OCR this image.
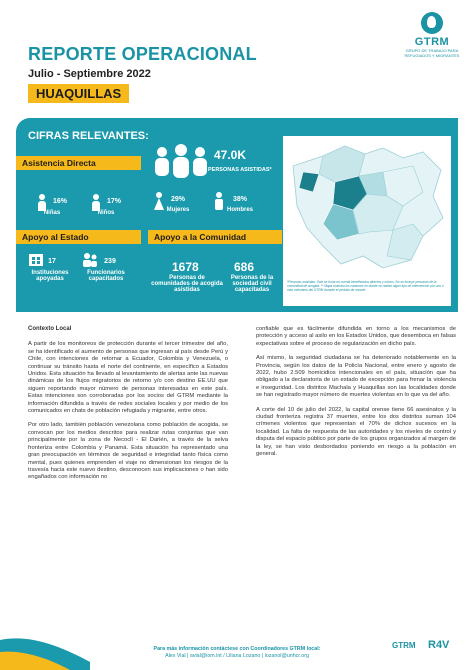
REPORTE OPERACIONAL
Julio - Septiembre 2022
HUAQUILLAS
GTRM
GRUPO DE TRABAJO PARA REFUGIADOS Y MIGRANTES
CIFRAS RELEVANTES:
Asistencia Directa
16%
Niñas
17%
Niños
47.0K
PERSONAS ASISTIDAS*
29%
Mujeres
38%
Hombres
Apoyo al Estado
17
Instituciones apoyadas
239
Funcionarios capacitados
Apoyo a la Comunidad
1678
Personas de comunidades de acogida asistidas
686
Personas de la sociedad civil capacitadas
*Personas asistidas: Solo se toma en cuenta beneficiarios directos y únicos. No se incluye personas de la comunidad de acogida. ** Mapa muestra los cantones en donde se realizó algún tipo de intervención por uno o más miembros del GTRM durante el periodo de reporte.
Contexto Local

A partir de los monitoreos de protección durante el tercer trimestre del año, se ha identificado el aumento de personas que ingresan al país desde Perú y Chile, con intenciones de retornar a Ecuador, Colombia y Venezuela, o continuar su tránsito hasta el norte del continente, en específico a Estados Unidos. Esta situación ha llevado al levantamiento de alertas ante las nuevas dinámicas de los flujos migratorios de retorno y/o con destino EE.UU que siguen reportando mayor número de personas interesadas en este país. Estas intenciones son corroboradas por los socios del GTRM mediante la información difundida a través de redes sociales locales y por medio de los comunicados en chats de población refugiada y migrante, entre otros.

Por otro lado, también población venezolana como población de acogida, se convocan por los medios descritos para realizar rutas conjuntas que van principalmente por la zona de Necoclí - El Darién, a través de la selva fronteriza entre Colombia y Panamá. Esta situación ha representado una gran preocupación en términos de seguridad e integridad tanto física como mental, pues quienes emprenden el viaje no dimensionan los riesgos de la travesía hacia este nuevo destino, desconocen sus implicaciones o han sido engañados con información no

confiable que es fácilmente difundida en torno a los mecanismos de protección y acceso al asilo en los Estados Unidos, que desemboca en falsas expectativas sobre el proceso de regularización en dicho país.

Así mismo, la seguridad ciudadana se ha deteriorado notablemente en la Provincia, según los datos de la Policía Nacional, entre enero y agosto de 2022, hubo 2.509 homicidios intencionales en el país, situación que ha obligado a la declaratoria de un estado de excepción para frenar la violencia e inseguridad. Los distritos Machala y Huaquillas son las localidades donde se han registrado mayor número de muertes violentas en lo que va del año.

A corte del 10 de julio del 2022, la capital orense tiene 66 asesinatos y la ciudad fronteriza registra 37 muertes, entre los dos distritos suman 104 crímenes violentos que representan el 70% de dichos sucesos en la localidad. La falta de respuesta de las autoridades y los niveles de control y disputa del espacio público por parte de los grupos organizados al margen de la ley, se han visto desbordados poniendo en riesgo a la población en general.

Para más información contáctese con Coordinadores GTRM local:
Alex Vial | avial@iom.int / Liliana Lozano | lozanol@unhcr.org
GTRM R4V
